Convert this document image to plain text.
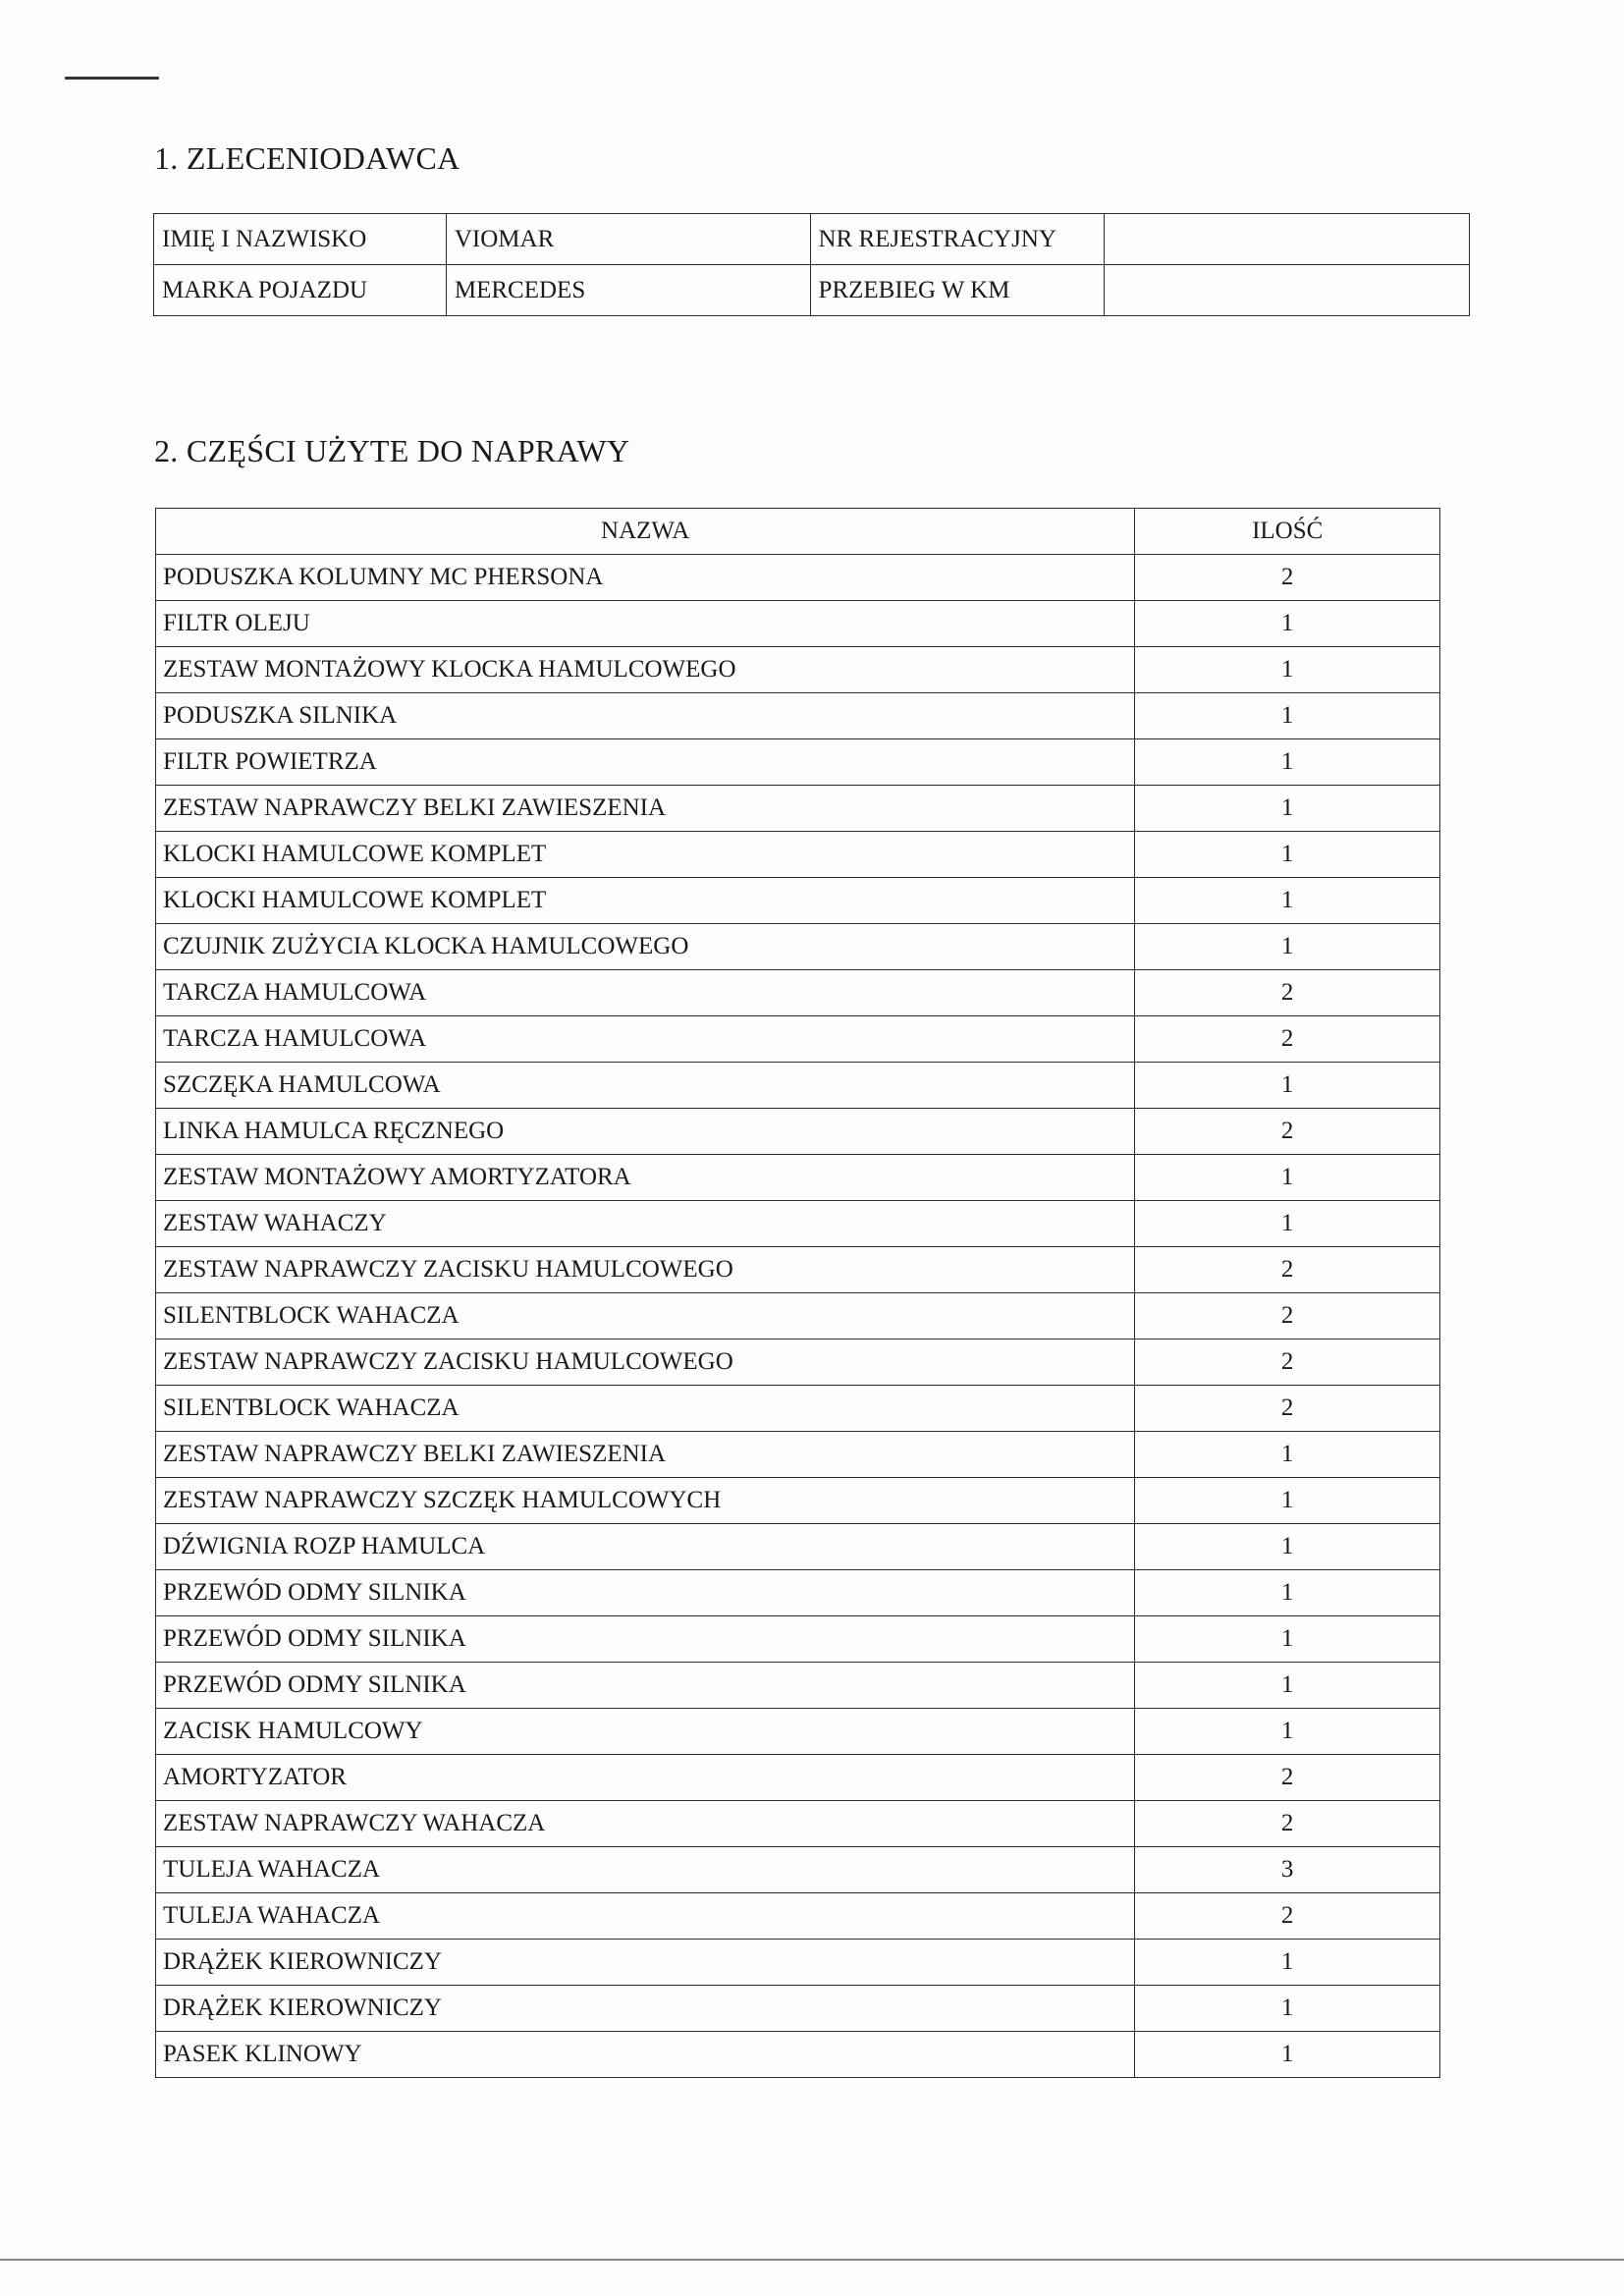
1. ZLECENIODAWCA
IMIĘ I NAZWISKO	VIOMAR	NR REJESTRACYJNY	
MARKA POJAZDU	MERCEDES	PRZEBIEG W KM	
2. CZĘŚCI UŻYTE DO NAPRAWY
NAZWA	ILOŚĆ
PODUSZKA KOLUMNY MC PHERSONA	2
FILTR OLEJU	1
ZESTAW MONTAŻOWY KLOCKA HAMULCOWEGO	1
PODUSZKA SILNIKA	1
FILTR POWIETRZA	1
ZESTAW NAPRAWCZY BELKI ZAWIESZENIA	1
KLOCKI HAMULCOWE KOMPLET	1
KLOCKI HAMULCOWE KOMPLET	1
CZUJNIK ZUŻYCIA KLOCKA HAMULCOWEGO	1
TARCZA HAMULCOWA	2
TARCZA HAMULCOWA	2
SZCZĘKA HAMULCOWA	1
LINKA HAMULCA RĘCZNEGO	2
ZESTAW MONTAŻOWY AMORTYZATORA	1
ZESTAW WAHACZY	1
ZESTAW NAPRAWCZY ZACISKU HAMULCOWEGO	2
SILENTBLOCK WAHACZA	2
ZESTAW NAPRAWCZY ZACISKU HAMULCOWEGO	2
SILENTBLOCK WAHACZA	2
ZESTAW NAPRAWCZY BELKI ZAWIESZENIA	1
ZESTAW NAPRAWCZY SZCZĘK HAMULCOWYCH	1
DŹWIGNIA ROZP HAMULCA	1
PRZEWÓD ODMY SILNIKA	1
PRZEWÓD ODMY SILNIKA	1
PRZEWÓD ODMY SILNIKA	1
ZACISK HAMULCOWY	1
AMORTYZATOR	2
ZESTAW NAPRAWCZY WAHACZA	2
TULEJA WAHACZA	3
TULEJA WAHACZA	2
DRĄŻEK KIEROWNICZY	1
DRĄŻEK KIEROWNICZY	1
PASEK KLINOWY	1
